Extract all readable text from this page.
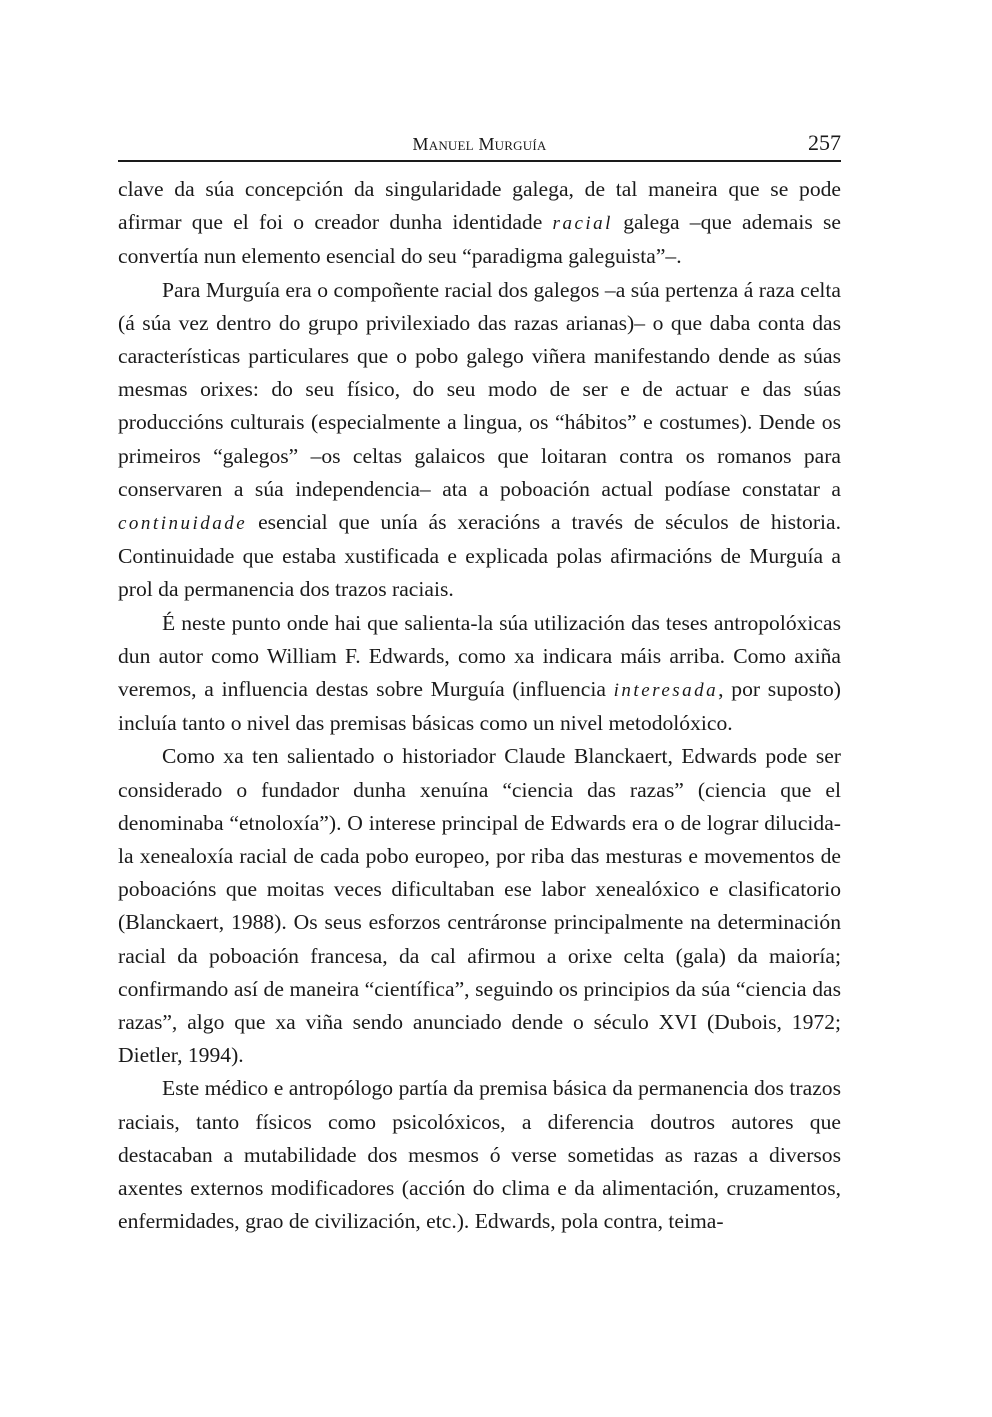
Manuel Murguía	257

clave da súa concepción da singularidade galega, de tal maneira que se pode afirmar que el foi o creador dunha identidade racial galega –que ademais se convertía nun elemento esencial do seu “paradigma galeguista”–.

Para Murguía era o compoñente racial dos galegos –a súa pertenza á raza celta (á súa vez dentro do grupo privilexiado das razas arianas)– o que daba conta das características particulares que o pobo galego viñera manifestando dende as súas mesmas orixes: do seu físico, do seu modo de ser e de actuar e das súas produccións culturais (especialmente a lingua, os “hábitos” e costumes). Dende os primeiros “galegos” –os celtas galaicos que loitaran contra os romanos para conservaren a súa independencia– ata a poboación actual podíase constatar a continuidade esencial que unía ás xeracións a través de séculos de historia. Continuidade que estaba xustificada e explicada polas afirmacións de Murguía a prol da permanencia dos trazos raciais.

É neste punto onde hai que salienta-la súa utilización das teses antropolóxicas dun autor como William F. Edwards, como xa indicara máis arriba. Como axiña veremos, a influencia destas sobre Murguía (influencia interesada, por suposto) incluía tanto o nivel das premisas básicas como un nivel metodolóxico.

Como xa ten salientado o historiador Claude Blanckaert, Edwards pode ser considerado o fundador dunha xenuína “ciencia das razas” (ciencia que el denominaba “etnoloxía”). O interese principal de Edwards era o de lograr dilucida-la xenealoxía racial de cada pobo europeo, por riba das mesturas e movementos de poboacións que moitas veces dificultaban ese labor xenealóxico e clasificatorio (Blanckaert, 1988). Os seus esforzos centráronse principalmente na determinación racial da poboación francesa, da cal afirmou a orixe celta (gala) da maioría; confirmando así de maneira “científica”, seguindo os principios da súa “ciencia das razas”, algo que xa viña sendo anunciado dende o século XVI (Dubois, 1972; Dietler, 1994).

Este médico e antropólogo partía da premisa básica da permanencia dos trazos raciais, tanto físicos como psicolóxicos, a diferencia doutros autores que destacaban a mutabilidade dos mesmos ó verse sometidas as razas a diversos axentes externos modificadores (acción do clima e da alimentación, cruzamentos, enfermidades, grao de civilización, etc.). Edwards, pola contra, teima-
